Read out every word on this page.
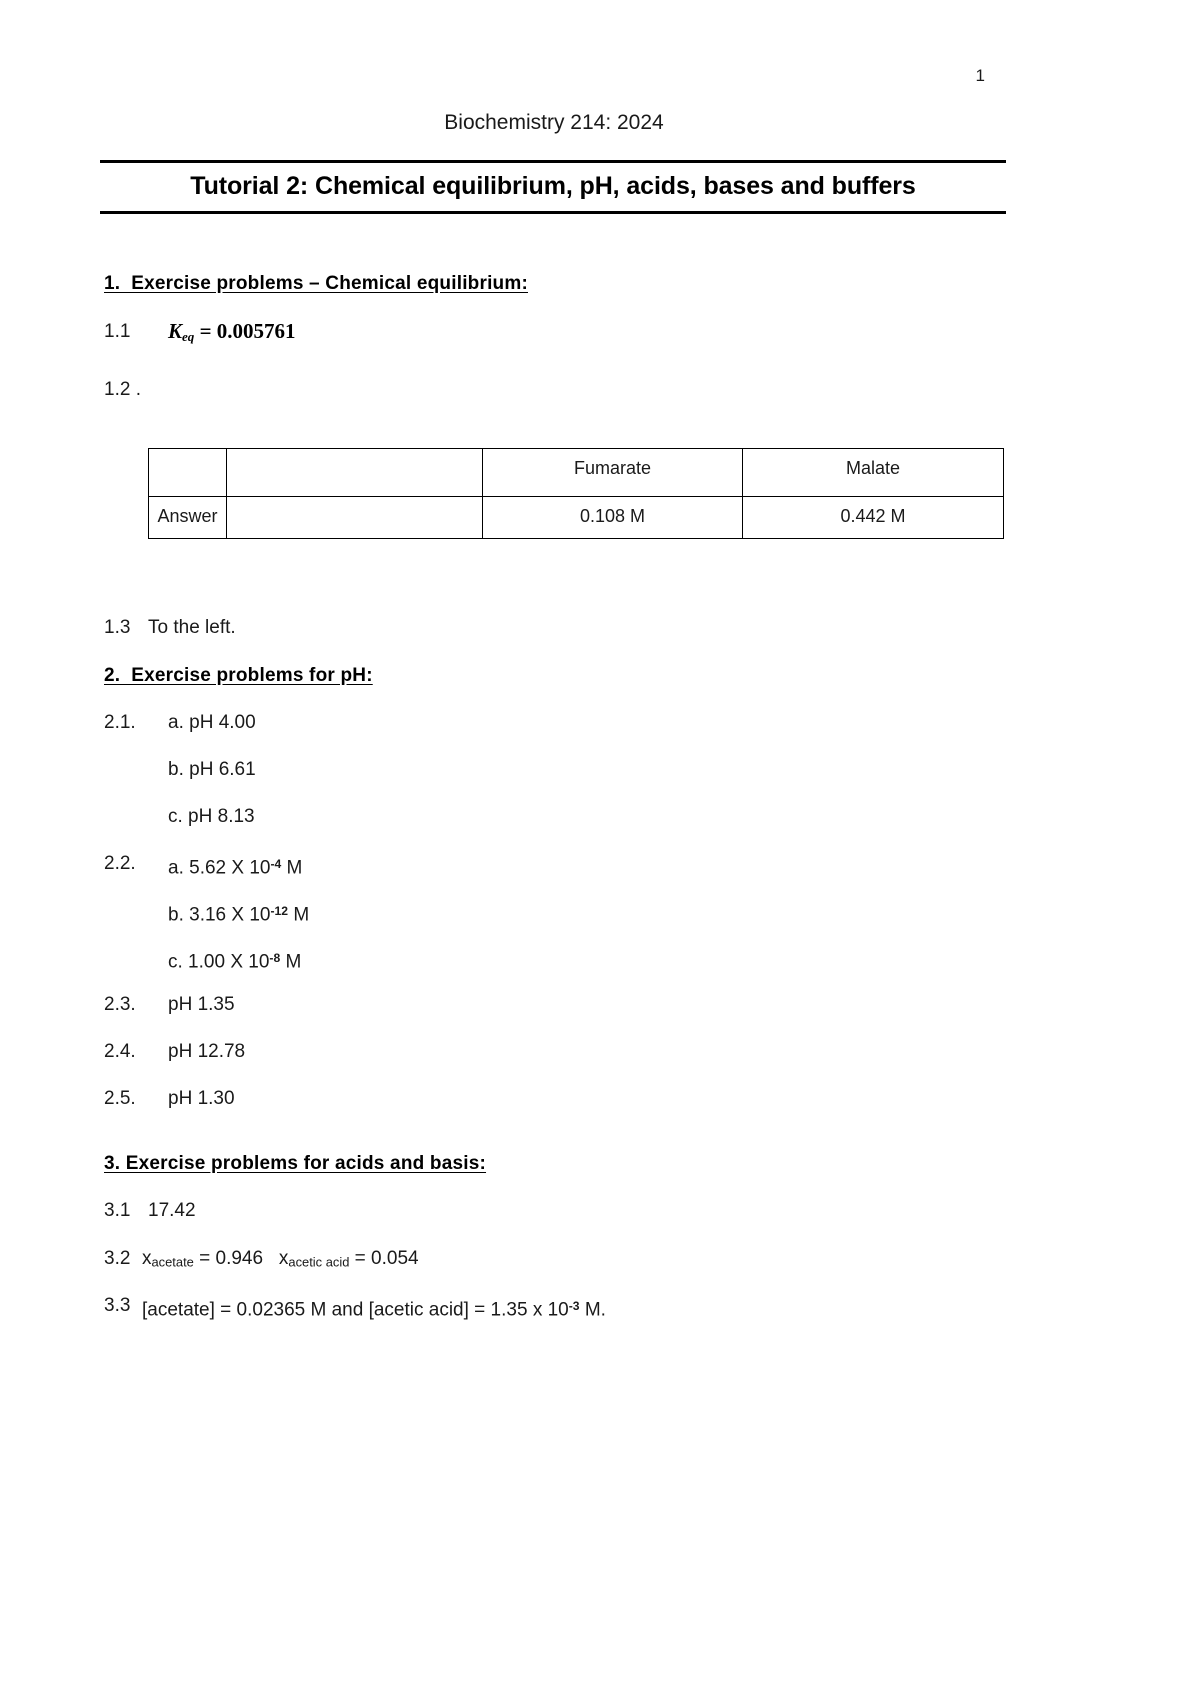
1
Biochemistry 214: 2024
Tutorial 2: Chemical equilibrium, pH, acids, bases and buffers
1.  Exercise problems – Chemical equilibrium:
1.1 $K_{eq} = 0.005761$
1.2 .
		Fumarate	Malate
Answer		0.108 M	0.442 M
1.3 To the left.
2.  Exercise problems for pH:
2.1. a. pH 4.00
b. pH 6.61
c. pH 8.13
2.2. a. 5.62 X $10^{-4}$ M
b. 3.16 X $10^{-12}$ M
c. 1.00 X $10^{-8}$ M
2.3. pH 1.35
2.4. pH 12.78
2.5. pH 1.30
3. Exercise problems for acids and basis:
3.1 17.42
3.2 xacetate = 0.946 xacetic acid = 0.054
3.3 [acetate] = 0.02365 M and [acetic acid] = 1.35 x $10^{-3}$ M.
